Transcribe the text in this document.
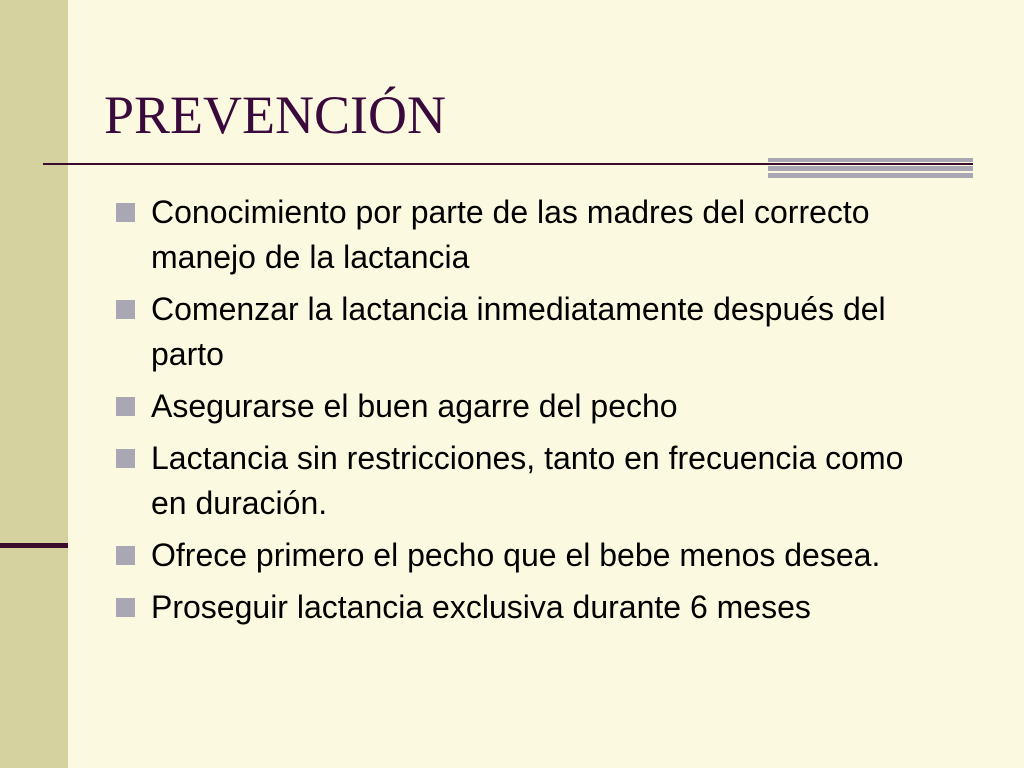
PREVENCIÓN
Conocimiento por parte de las madres del correcto manejo de la lactancia
Comenzar la lactancia inmediatamente después del parto
Asegurarse el buen agarre del pecho
Lactancia sin restricciones, tanto en frecuencia como en duración.
Ofrece primero el pecho que el bebe menos desea.
Proseguir lactancia exclusiva durante 6 meses
